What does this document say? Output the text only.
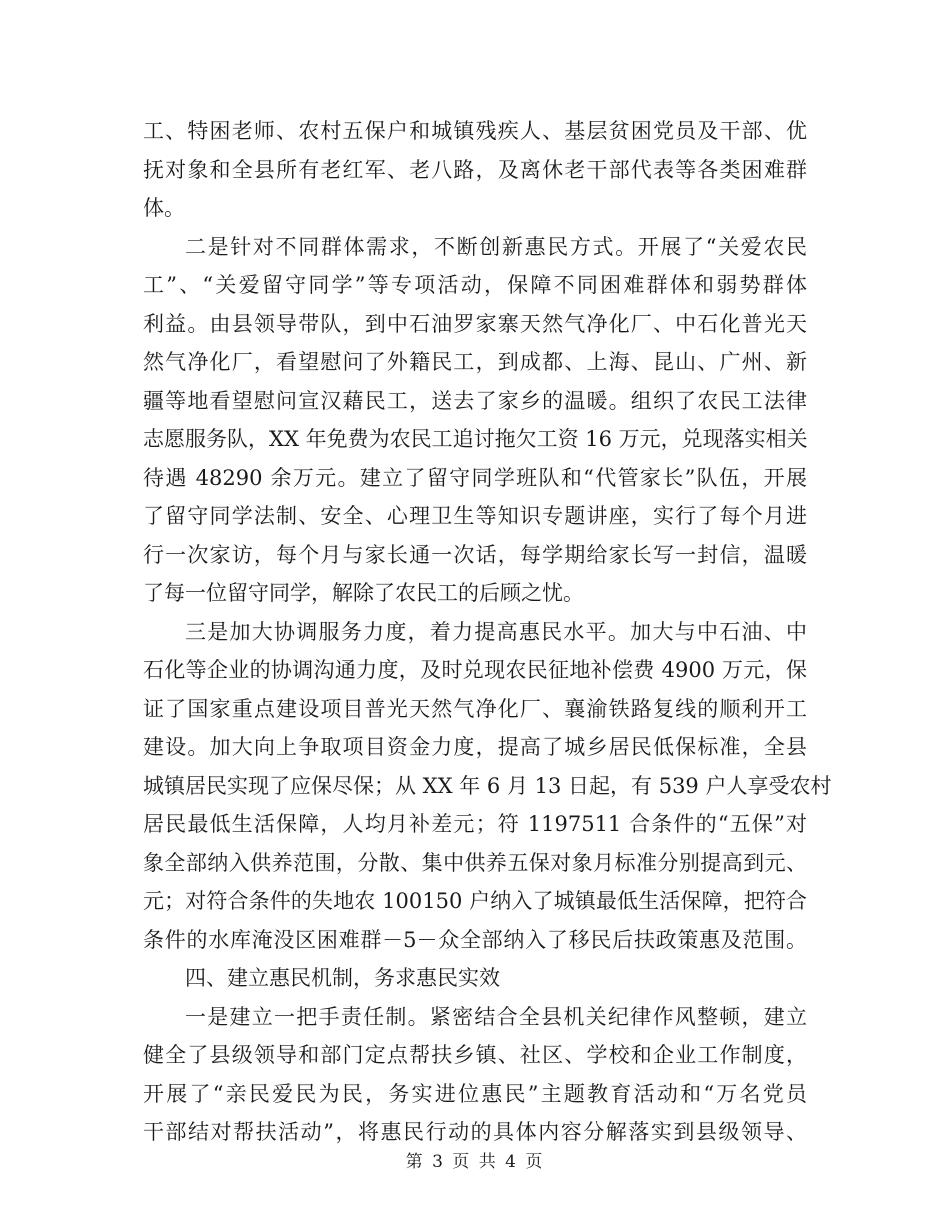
工、特困老师、农村五保户和城镇残疾人、基层贫困党员及干部、优
抚对象和全县所有老红军、老八路，及离休老干部代表等各类困难群
体。
二是针对不同群体需求，不断创新惠民方式。开展了“关爱农民
工”、“关爱留守同学”等专项活动，保障不同困难群体和弱势群体
利益。由县领导带队，到中石油罗家寨天然气净化厂、中石化普光天
然气净化厂，看望慰问了外籍民工，到成都、上海、昆山、广州、新
疆等地看望慰问宣汉藉民工，送去了家乡的温暖。组织了农民工法律
志愿服务队，XX 年免费为农民工追讨拖欠工资 16 万元，兑现落实相关
待遇 48290 余万元。建立了留守同学班队和“代管家长”队伍，开展
了留守同学法制、安全、心理卫生等知识专题讲座，实行了每个月进
行一次家访，每个月与家长通一次话，每学期给家长写一封信，温暖
了每一位留守同学，解除了农民工的后顾之忧。
三是加大协调服务力度，着力提高惠民水平。加大与中石油、中
石化等企业的协调沟通力度，及时兑现农民征地补偿费 4900 万元，保
证了国家重点建设项目普光天然气净化厂、襄渝铁路复线的顺利开工
建设。加大向上争取项目资金力度，提高了城乡居民低保标准，全县
城镇居民实现了应保尽保；从 XX 年 6 月 13 日起，有 539 户人享受农村
居民最低生活保障，人均月补差元；符 1197511 合条件的“五保”对
象全部纳入供养范围，分散、集中供养五保对象月标准分别提高到元、
元；对符合条件的失地农 100150 户纳入了城镇最低生活保障，把符合
条件的水库淹没区困难群－5－众全部纳入了移民后扶政策惠及范围。
四、建立惠民机制，务求惠民实效
一是建立一把手责任制。紧密结合全县机关纪律作风整顿，建立
健全了县级领导和部门定点帮扶乡镇、社区、学校和企业工作制度，
开展了“亲民爱民为民，务实进位惠民”主题教育活动和“万名党员
干部结对帮扶活动”，将惠民行动的具体内容分解落实到县级领导、
第 3 页 共 4 页
